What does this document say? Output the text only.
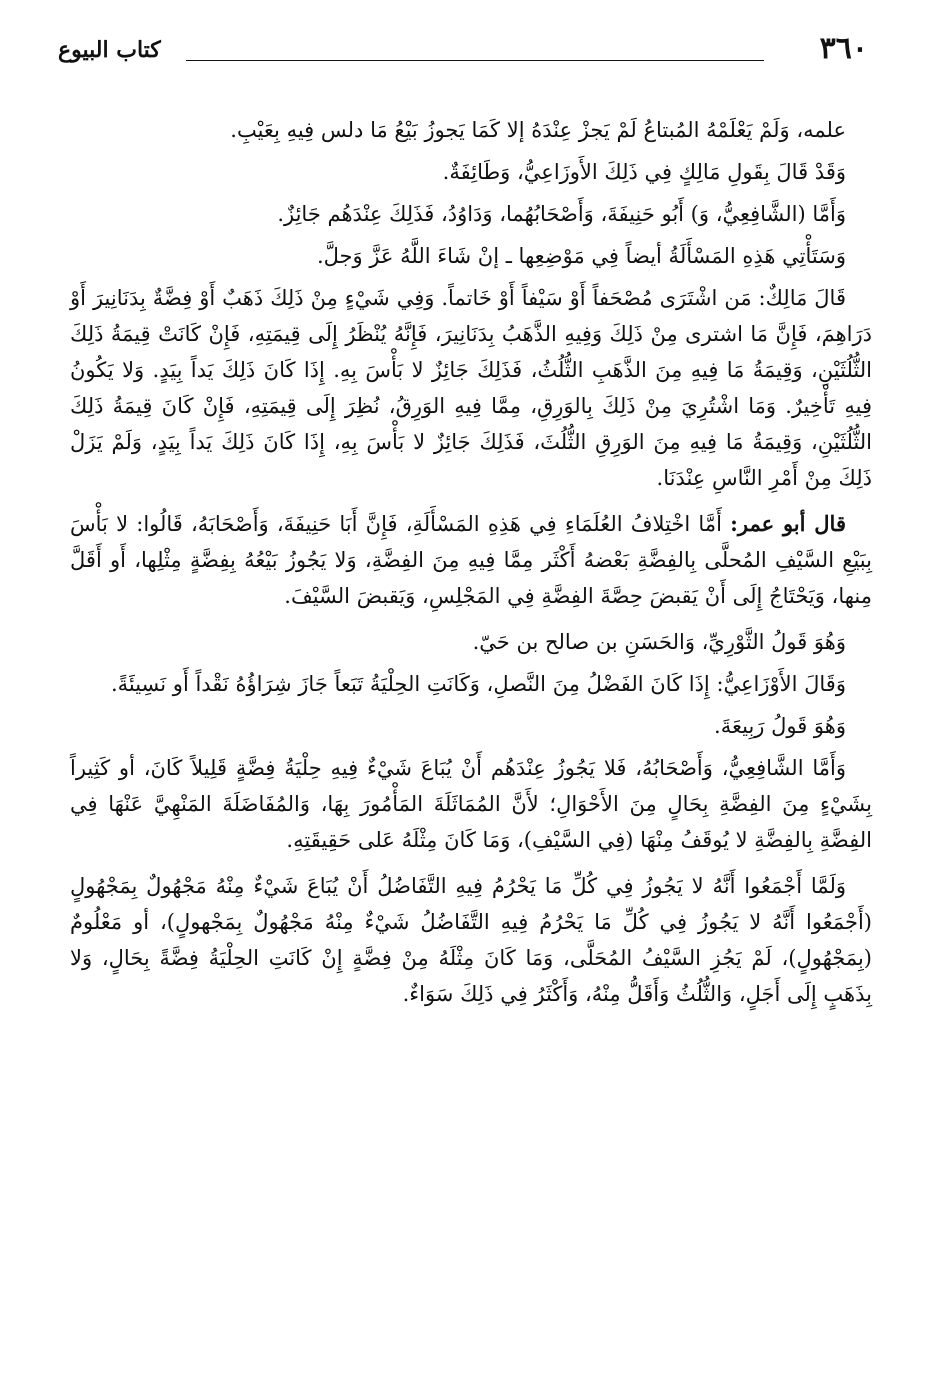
٣٦٠
كتاب البيوع

علمه، وَلَمْ يَعْلَمْهُ المُبتاعُ لَمْ يَجزْ عِنْدَهُ إلا كَمَا يَجوزُ بَيْعُ مَا دلس فِيهِ بِعَيْبِ.

وَقَدْ قَالَ بِقَولِ مَالِكٍ فِي ذَلِكَ الأَوزَاعِيُّ، وَطَائِفَةٌ.

وَأَمَّا (الشَّافِعِيُّ، وَ) أَبُو حَنِيفَةَ، وَأَصْحَابُهُما، وَدَاوُدُ، فَذَلِكَ عِنْدَهُم جَائِزٌ.

وَسَتَأْتِي هَذِهِ المَسْأَلَةُ أيضاً فِي مَوْضِعِها ـ إنْ شَاءَ اللَّهُ عَزَّ وَجلَّ.

قَالَ مَالِكٌ: مَن اشْتَرَى مُصْحَفاً أَوْ سَيْفاً أَوْ خَاتماً. وَفِي شَيْءٍ مِنْ ذَلِكَ ذَهَبٌ أَوْ فِضَّةٌ بِدَنَانِيرَ أَوْ دَرَاهِمَ، فَإِنَّ مَا اشترى مِنْ ذَلِكَ وَفِيهِ الذَّهَبُ بِدَنَانِيرَ، فَإِنَّهُ يُنْظَرُ إِلَى قِيمَتِهِ، فَإِنْ كَانَتْ قِيمَةُ ذَلِكَ الثُّلُثَيْنِ، وَقِيمَةُ مَا فِيهِ مِنَ الذَّهَبِ الثُّلُثُ، فَذَلِكَ جَائِزٌ لا بَأْسَ بِهِ. إِذَا كَانَ ذَلِكَ يَداً بِيَدٍ. وَلا يَكُونُ فِيهِ تَأْخِيرٌ. وَمَا اشْتُرِيَ مِنْ ذَلِكَ بِالوَرِقِ، مِمَّا فِيهِ الوَرِقُ، نُظِرَ إِلَى قِيمَتِهِ، فَإِنْ كَانَ قِيمَةُ ذَلِكَ الثُّلُثَيْنِ، وَقِيمَةُ مَا فِيهِ مِنَ الوَرِقِ الثُّلُثَ، فَذَلِكَ جَائِزٌ لا بَأْسَ بِهِ، إِذَا كَانَ ذَلِكَ يَداً بِيَدٍ، وَلَمْ يَزَلْ ذَلِكَ مِنْ أَمْرِ النَّاسِ عِنْدَنَا.

قال أبو عمر: أَمَّا اخْتِلافُ العُلَمَاءِ فِي هَذِهِ المَسْأَلَةِ، فَإِنَّ أَبَا حَنِيفَةَ، وَأَصْحَابَهُ، قَالُوا: لا بَأْسَ بِبَيْعِ السَّيْفِ المُحلَّى بِالفِضَّةِ بَعْضهُ أَكْثَر مِمَّا فِيهِ مِنَ الفِضَّةِ، وَلا يَجُوزُ بَيْعُهُ بِفِضَّةٍ مِثْلِها، أَو أَقَلَّ مِنها، وَيَحْتَاجُ إِلَى أَنْ يَقبضَ حِصَّةَ الفِضَّةِ فِي المَجْلِسِ، وَيَقبضَ السَّيْفَ.

وَهُوَ قَولُ الثَّوْرِيِّ، وَالحَسَنِ بن صالح بن حَيّ.

وَقَالَ الأَوْزَاعِيُّ: إِذَا كَانَ الفَضْلُ مِنَ النَّصلِ، وَكَانَتِ الحِلْيَةُ تَبَعاً جَازَ شِرَاؤُهُ نَقْداً أَو نَسِيئَةً.

وَهُوَ قَولُ رَبِيعَةَ.

وَأَمَّا الشَّافِعِيُّ، وَأَصْحَابُهُ، فَلا يَجُوزُ عِنْدَهُم أَنْ يُبَاعَ شَيْءٌ فِيهِ حِلْيَةُ فِضَّةٍ قَلِيلاً كَانَ، أو كَثِيراً بِشَيْءٍ مِنَ الفِضَّةِ بِحَالٍ مِنَ الأَحْوَالِ؛ لأَنَّ المُمَاثَلَةَ المَأْمُورَ بِهَا، وَالمُفَاضَلَةَ المَنْهِيَّ عَنْهَا فِي الفِضَّةِ بِالفِضَّةِ لا يُوقَفُ مِنْهَا (فِي السَّيْفِ)، وَمَا كَانَ مِثْلَهُ عَلى حَقِيقَتِهِ.

وَلَمَّا أَجْمَعُوا أَنَّهُ لا يَجُوزُ فِي كُلِّ مَا يَحْرُمُ فِيهِ التَّفَاضُلُ أَنْ يُبَاعَ شَيْءٌ مِنْهُ مَجْهُولٌ بِمَجْهُولٍ (أَجْمَعُوا أَنَّهُ لا يَجُوزُ فِي كُلِّ مَا يَحْرُمُ فِيهِ التَّفَاضُلُ شَيْءٌ مِنْهُ مَجْهُولٌ بِمَجْهولٍ)، أو مَعْلُومٌ (بِمَجْهُولٍ)، لَمْ يَجُزِ السَّيْفُ المُحَلَّى، وَمَا كَانَ مِثْلَهُ مِنْ فِضَّةٍ إِنْ كَانَتِ الحِلْيَةُ فِضَّةً بِحَالٍ، وَلا بِذَهَبٍ إِلَى أَجَلٍ، وَالثُّلُثُ وَأَقَلُّ مِنْهُ، وَأَكْثَرُ فِي ذَلِكَ سَوَاءٌ.
